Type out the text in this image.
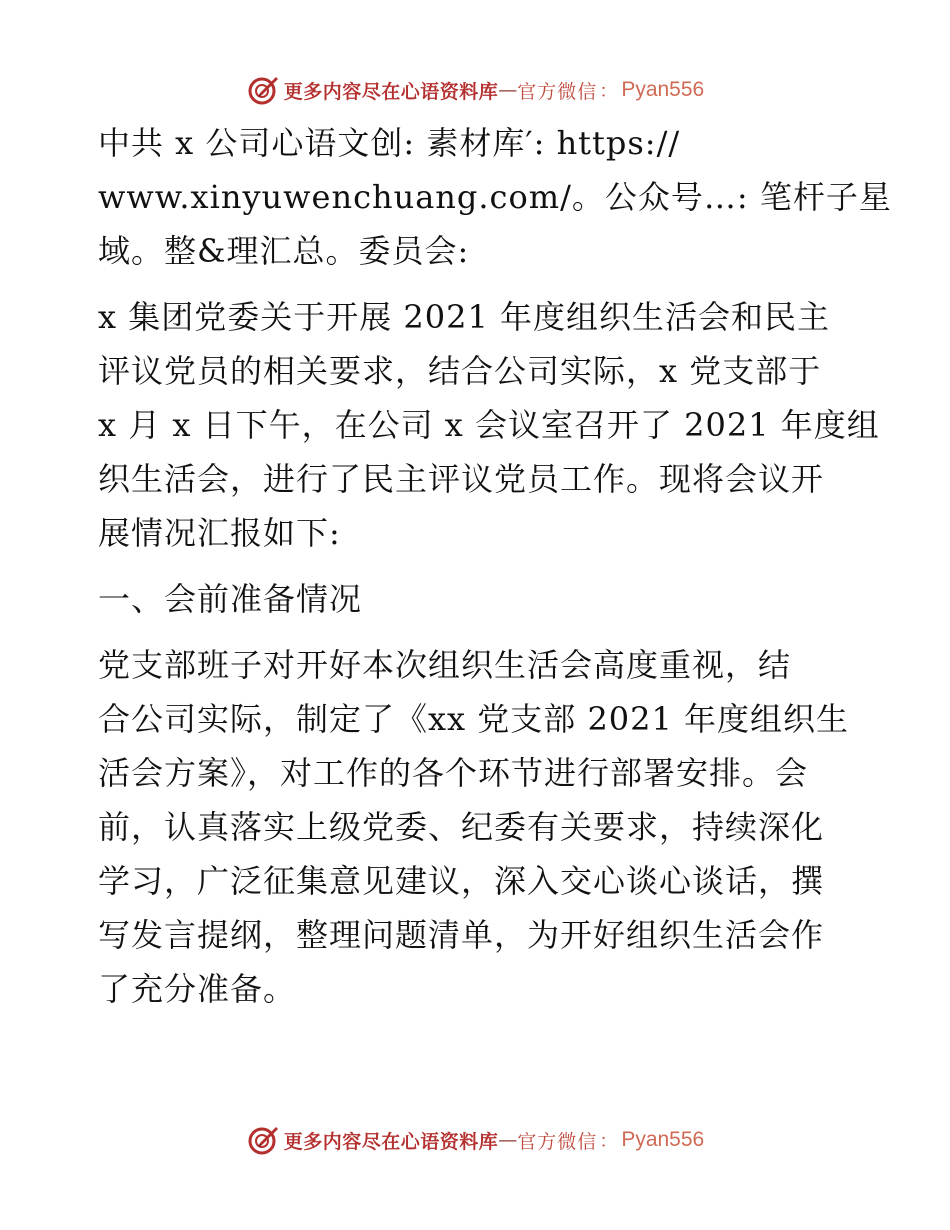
更多内容尽在心语资料库 — 官方微信 ： Pyan556

中共 x 公司心语文创: 素材库′: https://
www.xinyuwenchuang.com/。公众号…: 笔杆子星
域。整&理汇总。委员会:

x 集团党委关于开展 2021 年度组织生活会和民主
评议党员的相关要求，结合公司实际，x 党支部于
x 月 x 日下午，在公司 x 会议室召开了 2021 年度组
织生活会，进行了民主评议党员工作。现将会议开
展情况汇报如下:

一、会前准备情况

党支部班子对开好本次组织生活会高度重视，结
合公司实际，制定了《xx 党支部 2021 年度组织生
活会方案》，对工作的各个环节进行部署安排。会
前，认真落实上级党委、纪委有关要求，持续深化
学习，广泛征集意见建议，深入交心谈心谈话，撰
写发言提纲，整理问题清单，为开好组织生活会作
了充分准备。

更多内容尽在心语资料库 — 官方微信 ： Pyan556
